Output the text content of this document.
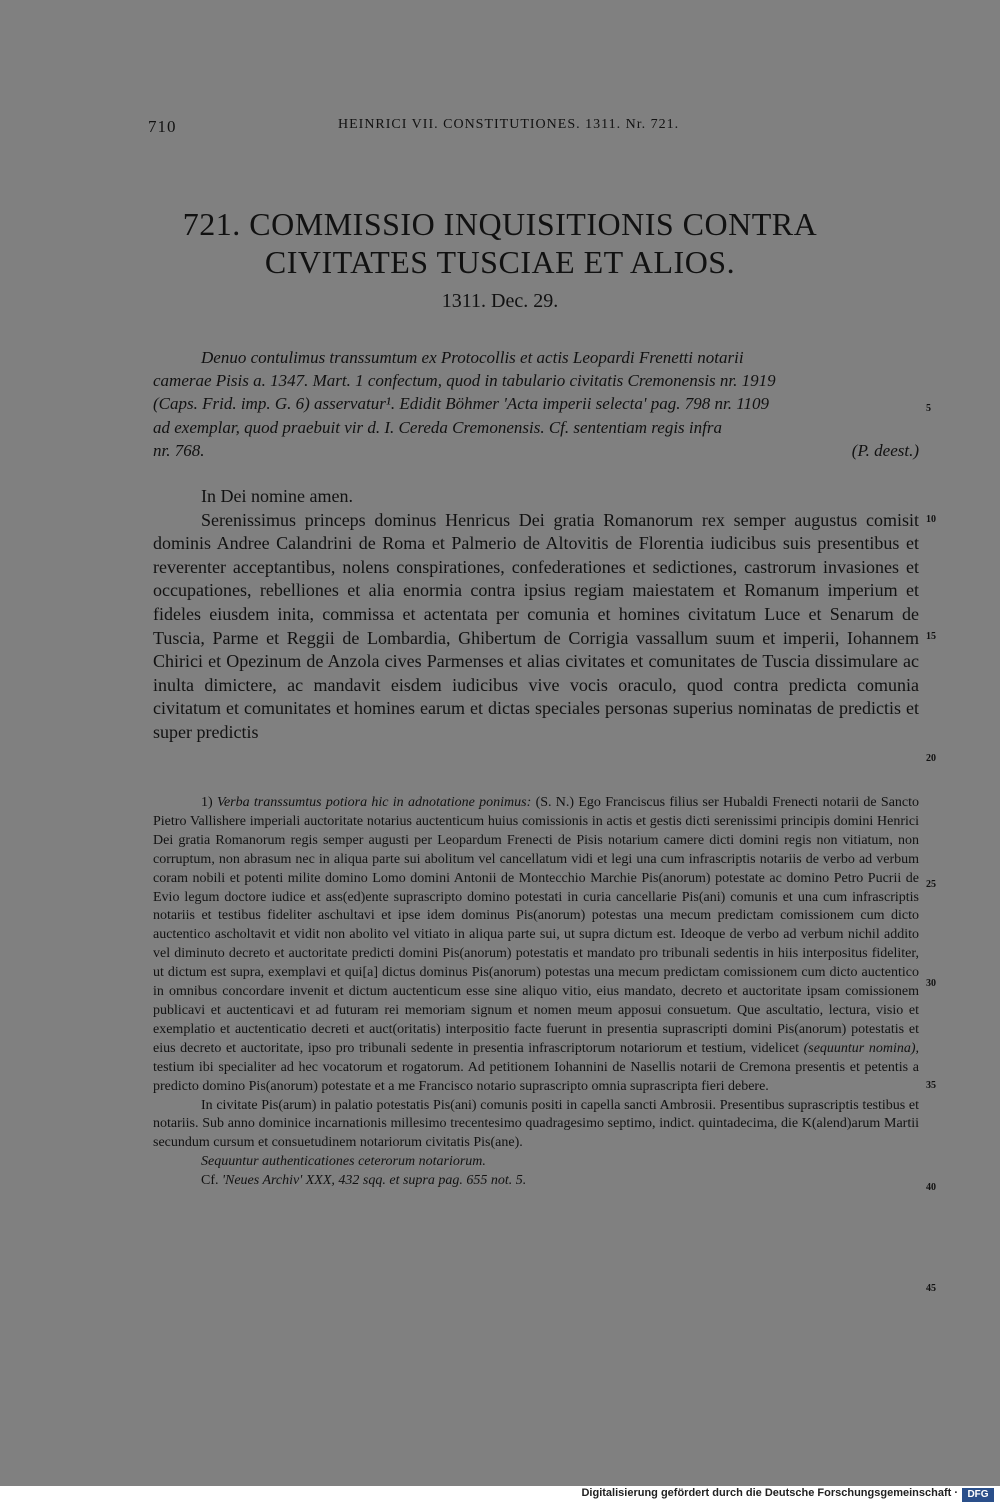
710	HEINRICI VII. CONSTITUTIONES. 1311. Nr. 721.
721. COMMISSIO INQUISITIONIS CONTRA
CIVITATES TUSCIAE ET ALIOS.
1311. Dec. 29.
Denuo contulimus transsumtum ex Protocollis et actis Leopardi Frenetti notarii
camerae Pisis a. 1347. Mart. 1 confectum, quod in tabulario civitatis Cremonensis nr. 1919
(Caps. Frid. imp. G. 6) asservatur¹. Edidit Böhmer 'Acta imperii selecta' pag. 798 nr. 1109
ad exemplar, quod praebuit vir d. I. Cereda Cremonensis. Cf. sententiam regis infra
nr. 768.	(P. deest.)

In Dei nomine amen.

Serenissimus princeps dominus Henricus Dei gratia Romanorum rex semper augustus comisit dominis Andree Calandrini de Roma et Palmerio de Altovitis de Florentia iudicibus suis presentibus et reverenter acceptantibus, nolens conspirationes, confederationes et sedictiones, castrorum invasiones et occupationes, rebelliones et alia enormia contra ipsius regiam maiestatem et Romanum imperium et fideles eiusdem inita, commissa et actentata per comunia et homines civitatum Luce et Senarum de Tuscia, Parme et Reggii de Lombardia, Ghibertum de Corrigia vassallum suum et imperii, Iohannem Chirici et Opezinum de Anzola cives Parmenses et alias civitates et comunitates de Tuscia dissimulare ac inulta dimictere, ac mandavit eisdem iudicibus vive vocis oraculo, quod contra predicta comunia civitatum et comunitates et homines earum et dictas speciales personas superius nominatas de predictis et super predictis

1) Verba transsumtus potiora hic in adnotatione ponimus: (S. N.) Ego Franciscus filius ser Hubaldi Frenecti notarii de Sancto Pietro Vallishere imperiali auctoritate notarius auctenticum huius comissionis in actis et gestis dicti serenissimi principis domini Henrici Dei gratia Romanorum regis semper augusti per Leopardum Frenecti de Pisis notarium camere dicti domini regis non vitiatum, non corruptum, non abrasum nec in aliqua parte sui abolitum vel cancellatum vidi et legi una cum infrascriptis notariis de verbo ad verbum coram nobili et potenti milite domino Lomo domini Antonii de Montecchio Marchie Pis(anorum) potestate ac domino Petro Pucrii de Evio legum doctore iudice et ass(ed)ente suprascripto domino potestati in curia cancellarie Pis(ani) comunis et una cum infrascriptis notariis et testibus fideliter aschultavi et ipse idem dominus Pis(anorum) potestas una mecum predictam comissionem cum dicto auctentico ascholtavit et vidit non abolito vel vitiato in aliqua parte sui, ut supra dictum est. Ideoque de verbo ad verbum nichil addito vel diminuto decreto et auctoritate predicti domini Pis(anorum) potestatis et mandato pro tribunali sedentis in hiis interpositus fideliter, ut dictum est supra, exemplavi et qui[a] dictus dominus Pis(anorum) potestas una mecum predictam comissionem cum dicto auctentico in omnibus concordare invenit et dictum auctenticum esse sine aliquo vitio, eius mandato, decreto et auctoritate ipsam comissionem publicavi et auctenticavi et ad futuram rei memoriam signum et nomen meum apposui consuetum. Que ascultatio, lectura, visio et exemplatio et auctenticatio decreti et auct(oritatis) interpositio facte fuerunt in presentia suprascripti domini Pis(anorum) potestatis et eius decreto et auctoritate, ipso pro tribunali sedente in presentia infrascriptorum notariorum et testium, videlicet (sequuntur nomina), testium ibi specialiter ad hec vocatorum et rogatorum. Ad petitionem Iohannini de Nasellis notarii de Cremona presentis et petentis a predicto domino Pis(anorum) potestate et a me Francisco notario suprascripto omnia suprascripta fieri debere.

In civitate Pis(arum) in palatio potestatis Pis(ani) comunis positi in capella sancti Ambrosii. Presentibus suprascriptis testibus et notariis. Sub anno dominice incarnationis millesimo trecentesimo quadragesimo septimo, indict. quintadecima, die K(alend)arum Martii secundum cursum et consuetudinem notariorum civitatis Pis(ane).

Sequuntur authenticationes ceterorum notariorum.

Cf. 'Neues Archiv' XXX, 432 sqq. et supra pag. 655 not. 5.

5
10
15
20
25
30
35
40
45
Digitalisierung gefördert durch die Deutsche Forschungsgemeinschaft · DFG
